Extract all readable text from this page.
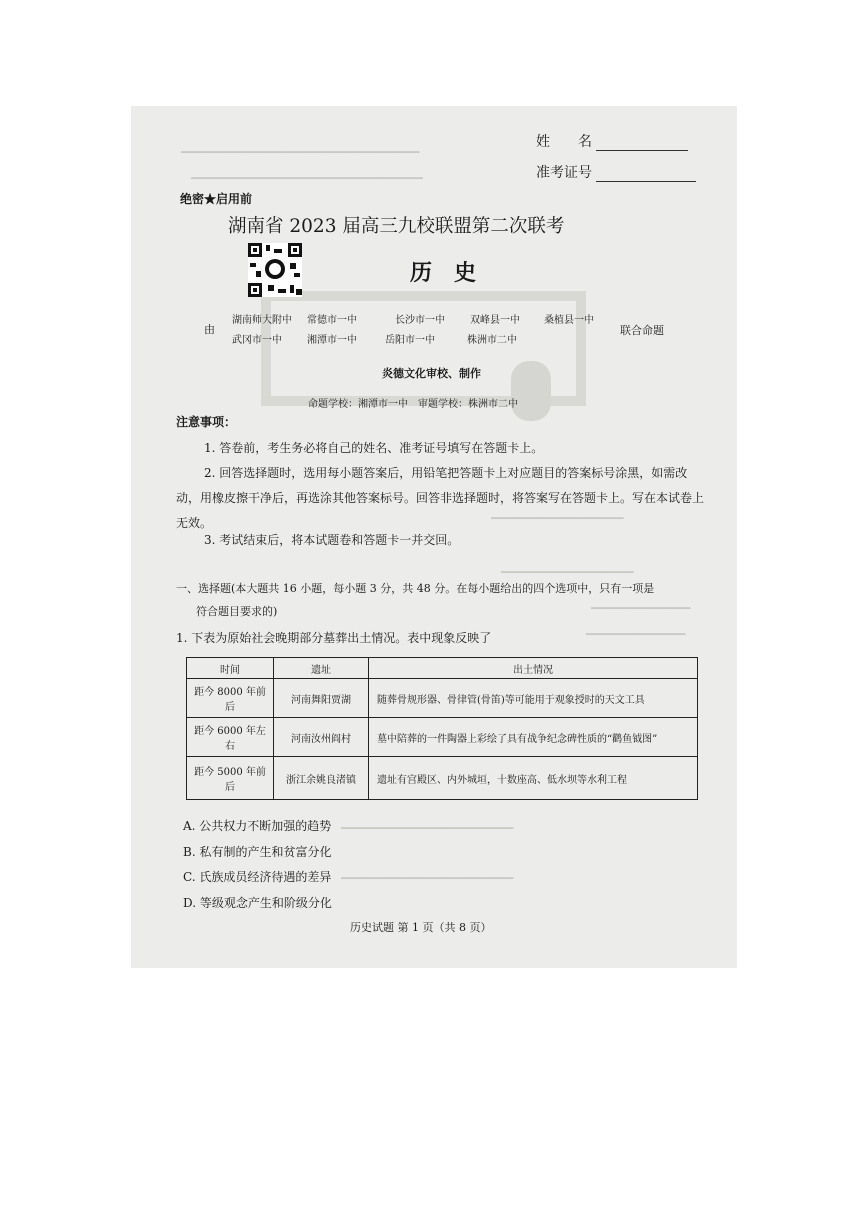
━━━━━━━━━━━━━━━━━━━━━━━━━━━━━━━━━━━━
━━━━━━━━━━━━━━━━━━━━━━━━━━━━━━━━━━━
━━━━━━━━━━━━━━━━━━━━
━━━━━━━━━━━━━━━━━━━━
━━━━━━━━━━━━━━━
━━━━━━━━━━━━━━━
━━━━━━━━━━━━━━━━━━━━━━━━━━
━━━━━━━━━━━━━━━━━━━━━━━━━━
姓　　名
准考证号
绝密★启用前
湖南省 2023 届高三九校联盟第二次联考
历　史
由
湖南师大附中 常德市一中	长沙市一中	双峰县一中 桑植县一中
武冈市一中	湘潭市一中	岳阳市一中	株洲市二中
联合命题
炎德文化审校、制作
命题学校：湘潭市一中　审题学校：株洲市二中
注意事项：
1. 答卷前，考生务必将自己的姓名、准考证号填写在答题卡上。
2. 回答选择题时，选用每小题答案后，用铅笔把答题卡上对应题目的答案标号涂黑，如需改动，用橡皮擦干净后，再选涂其他答案标号。回答非选择题时，将答案写在答题卡上。写在本试卷上无效。
3. 考试结束后，将本试题卷和答题卡一并交回。
一、选择题(本大题共 16 小题，每小题 3 分，共 48 分。在每小题给出的四个选项中，只有一项是
符合题目要求的)
1. 下表为原始社会晚期部分墓葬出土情况。表中现象反映了
时间	遗址	出土情况
距今 8000 年前后	河南舞阳贾湖	随葬骨规形器、骨律管(骨笛)等可能用于观象授时的天文工具
距今 6000 年左右	河南汝州阎村	墓中陪葬的一件陶器上彩绘了具有战争纪念碑性质的“鹳鱼钺图”
距今 5000 年前后	浙江余姚良渚镇	遗址有宫殿区、内外城垣，十数座高、低水坝等水利工程
A. 公共权力不断加强的趋势
B. 私有制的产生和贫富分化
C. 氏族成员经济待遇的差异
D. 等级观念产生和阶级分化
历史试题 第 1 页（共 8 页）
